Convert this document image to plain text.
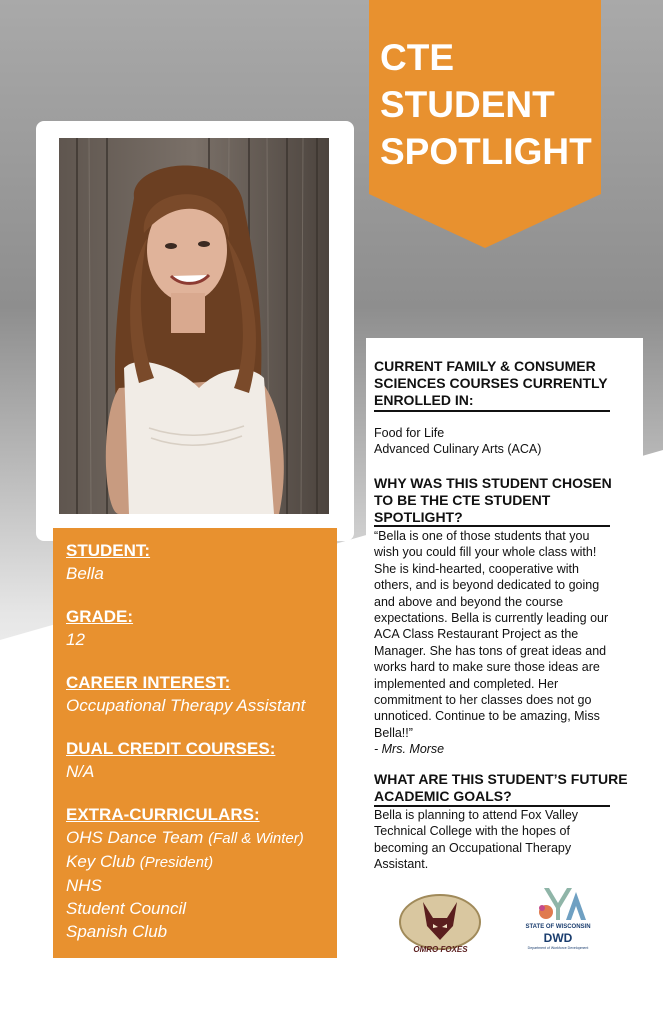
CTE
STUDENT
SPOTLIGHT
STUDENT:
Bella
GRADE:
12
CAREER INTEREST:
Occupational Therapy Assistant
DUAL CREDIT COURSES:
N/A
EXTRA-CURRICULARS:
OHS Dance Team (Fall & Winter)
Key Club (President)
NHS
Student Council
Spanish Club
CURRENT FAMILY & CONSUMER
SCIENCES COURSES CURRENTLY
ENROLLED IN:
Food for Life
Advanced Culinary Arts (ACA)
WHY WAS THIS STUDENT CHOSEN
TO BE THE CTE STUDENT
SPOTLIGHT?
“Bella is one of those students that you
wish you could fill your whole class with!
She is kind-hearted, cooperative with
others, and is beyond dedicated to going
and above and beyond the course
expectations. Bella is currently leading our
ACA Class Restaurant Project as the
Manager. She has tons of great ideas and
works hard to make sure those ideas are
implemented and completed. Her
commitment to her classes does not go
unnoticed. Continue to be amazing, Miss
Bella!!”
- Mrs. Morse
WHAT ARE THIS STUDENT’S FUTURE
ACADEMIC GOALS?
Bella is planning to attend Fox Valley
Technical College with the hopes of
becoming an Occupational Therapy
Assistant.
OMRO FOXES
STATE OF WISCONSIN
DWD
Department of Workforce Development
